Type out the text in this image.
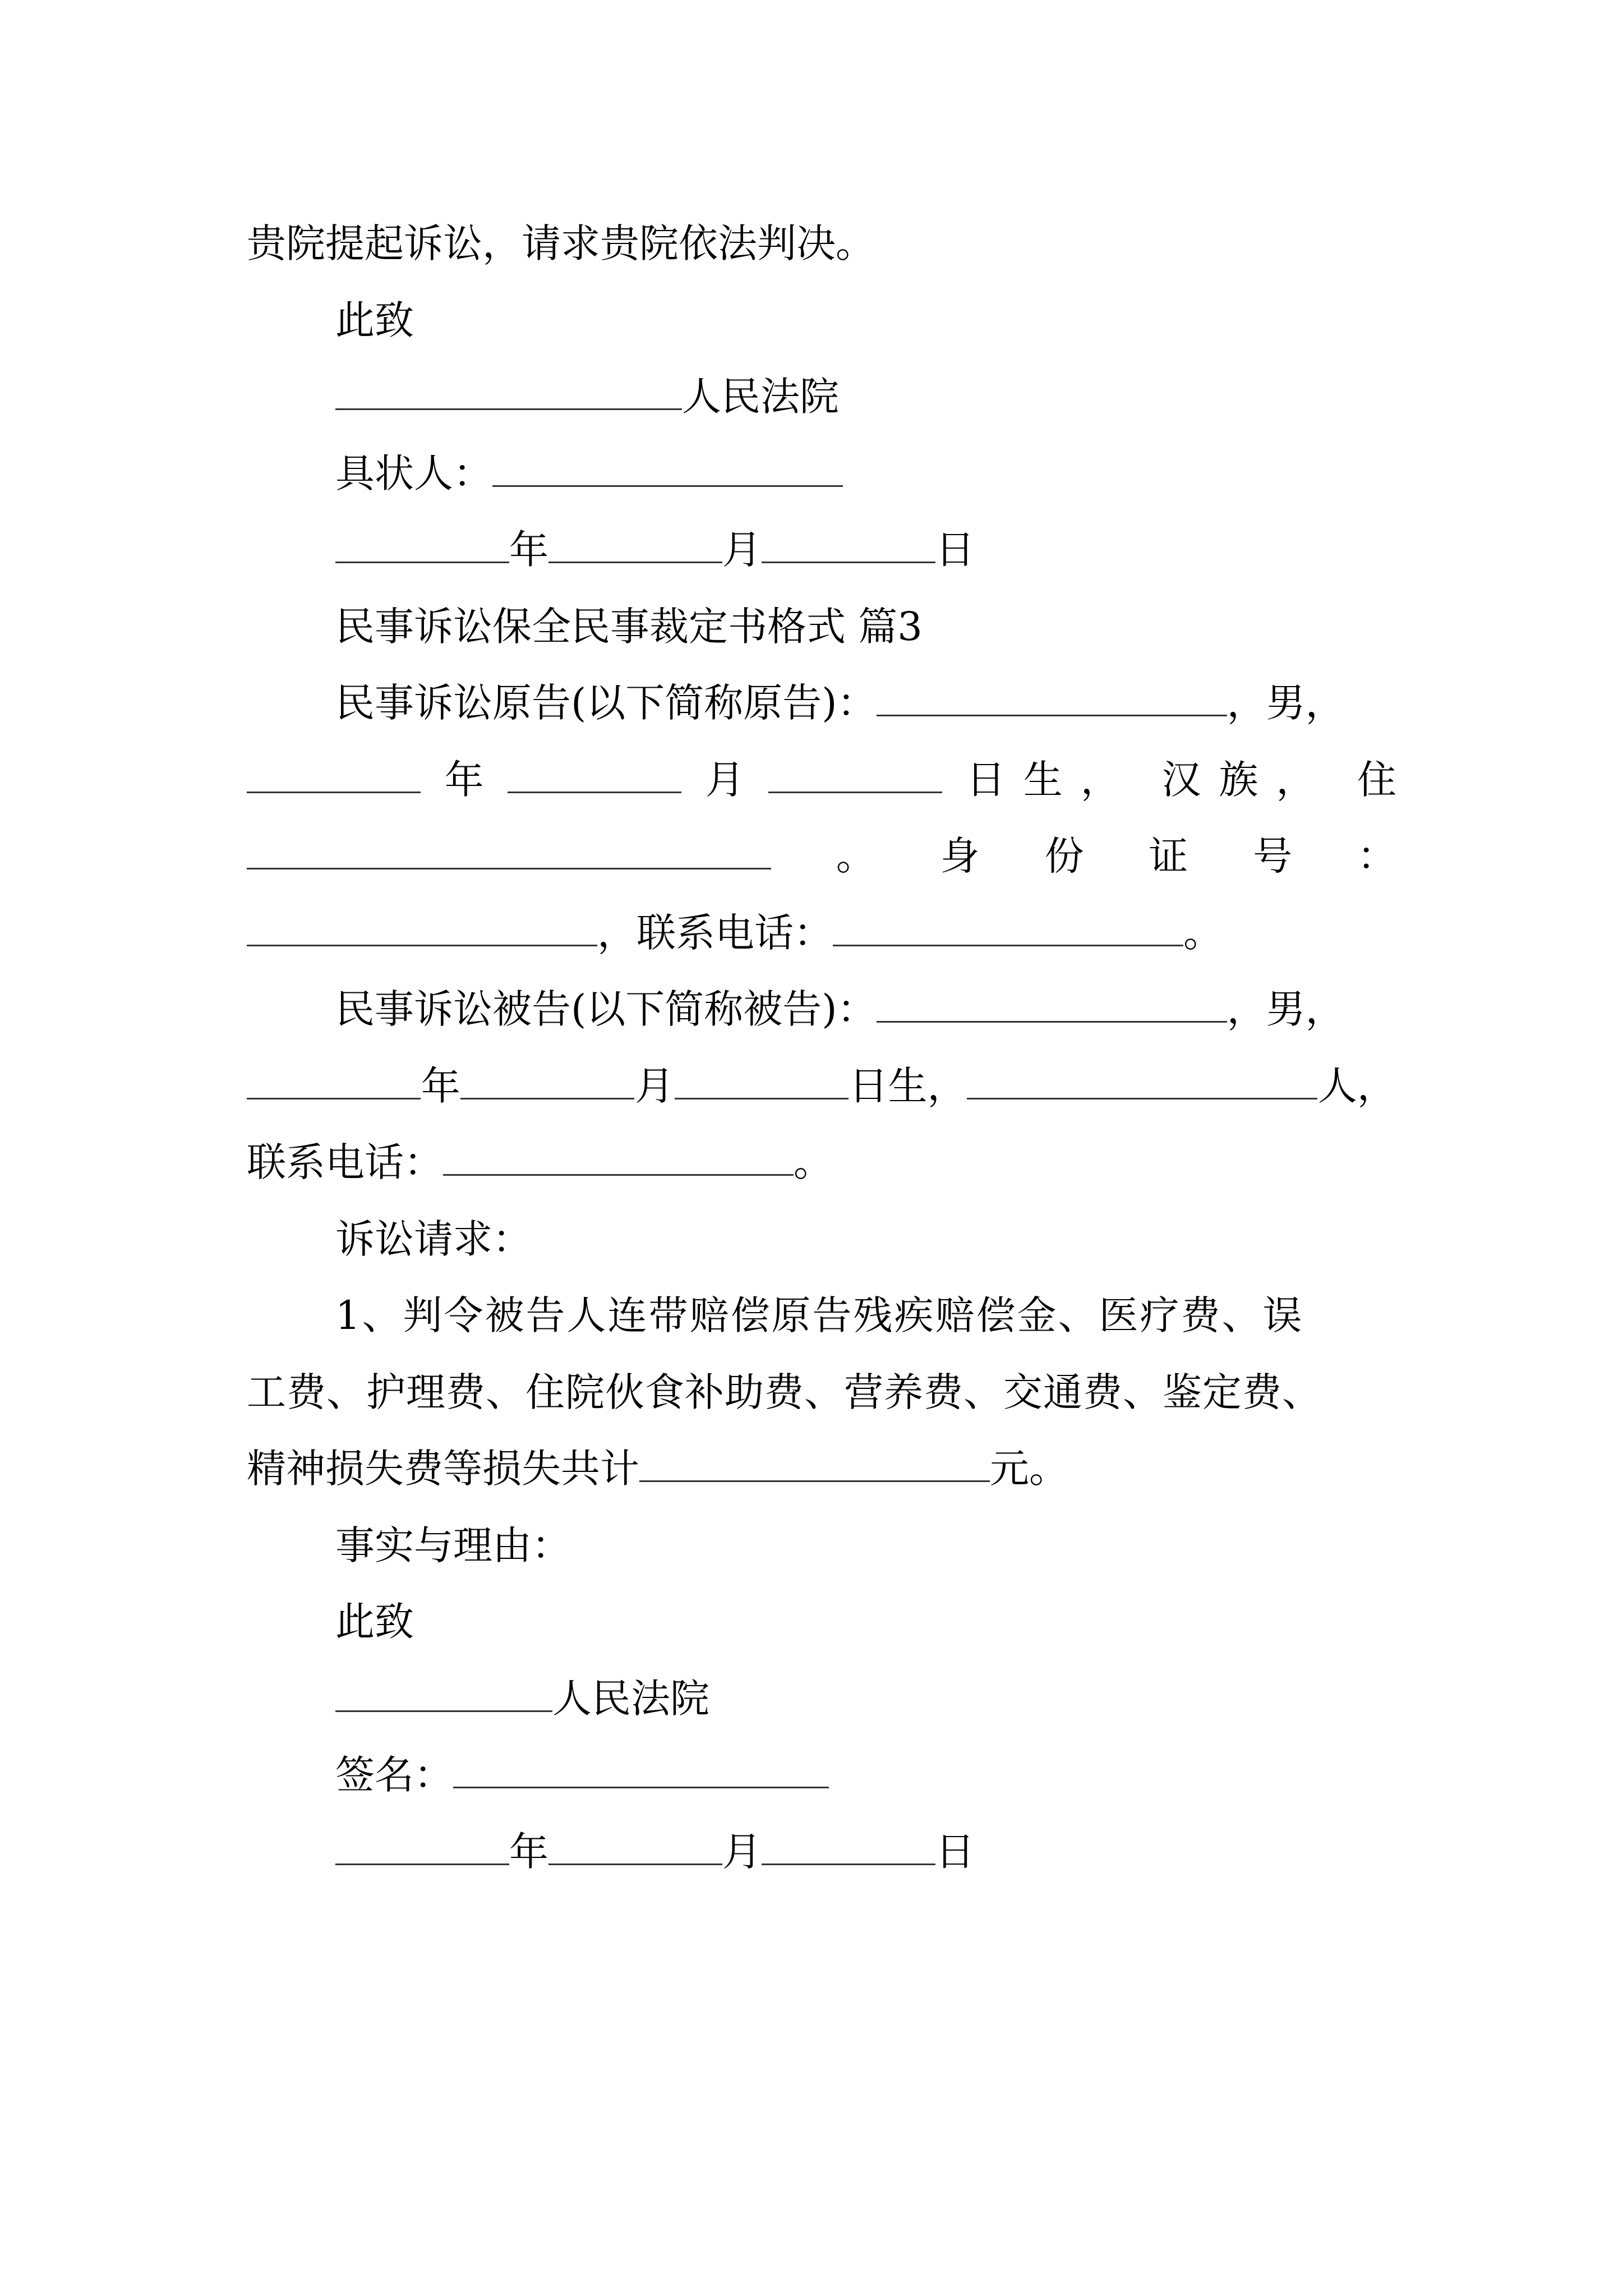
贵院提起诉讼，请求贵院依法判决。
此致
人民法院
具状人：
年	月	日
民事诉讼保全民事裁定书格式 篇3
民事诉讼原告(以下简称原告)：	，男，
年	月	日生， 汉族， 住
。 身 份 证 号 ：
，联系电话：	。
民事诉讼被告(以下简称被告)：	，男，
年	月	日生，	人，
联系电话：	。
诉讼请求：
1、判令被告人连带赔偿原告残疾赔偿金、医疗费、误
工费、护理费、住院伙食补助费、营养费、交通费、鉴定费、
精神损失费等损失共计	元。
事实与理由：
此致
人民法院
签名：
年	月	日
